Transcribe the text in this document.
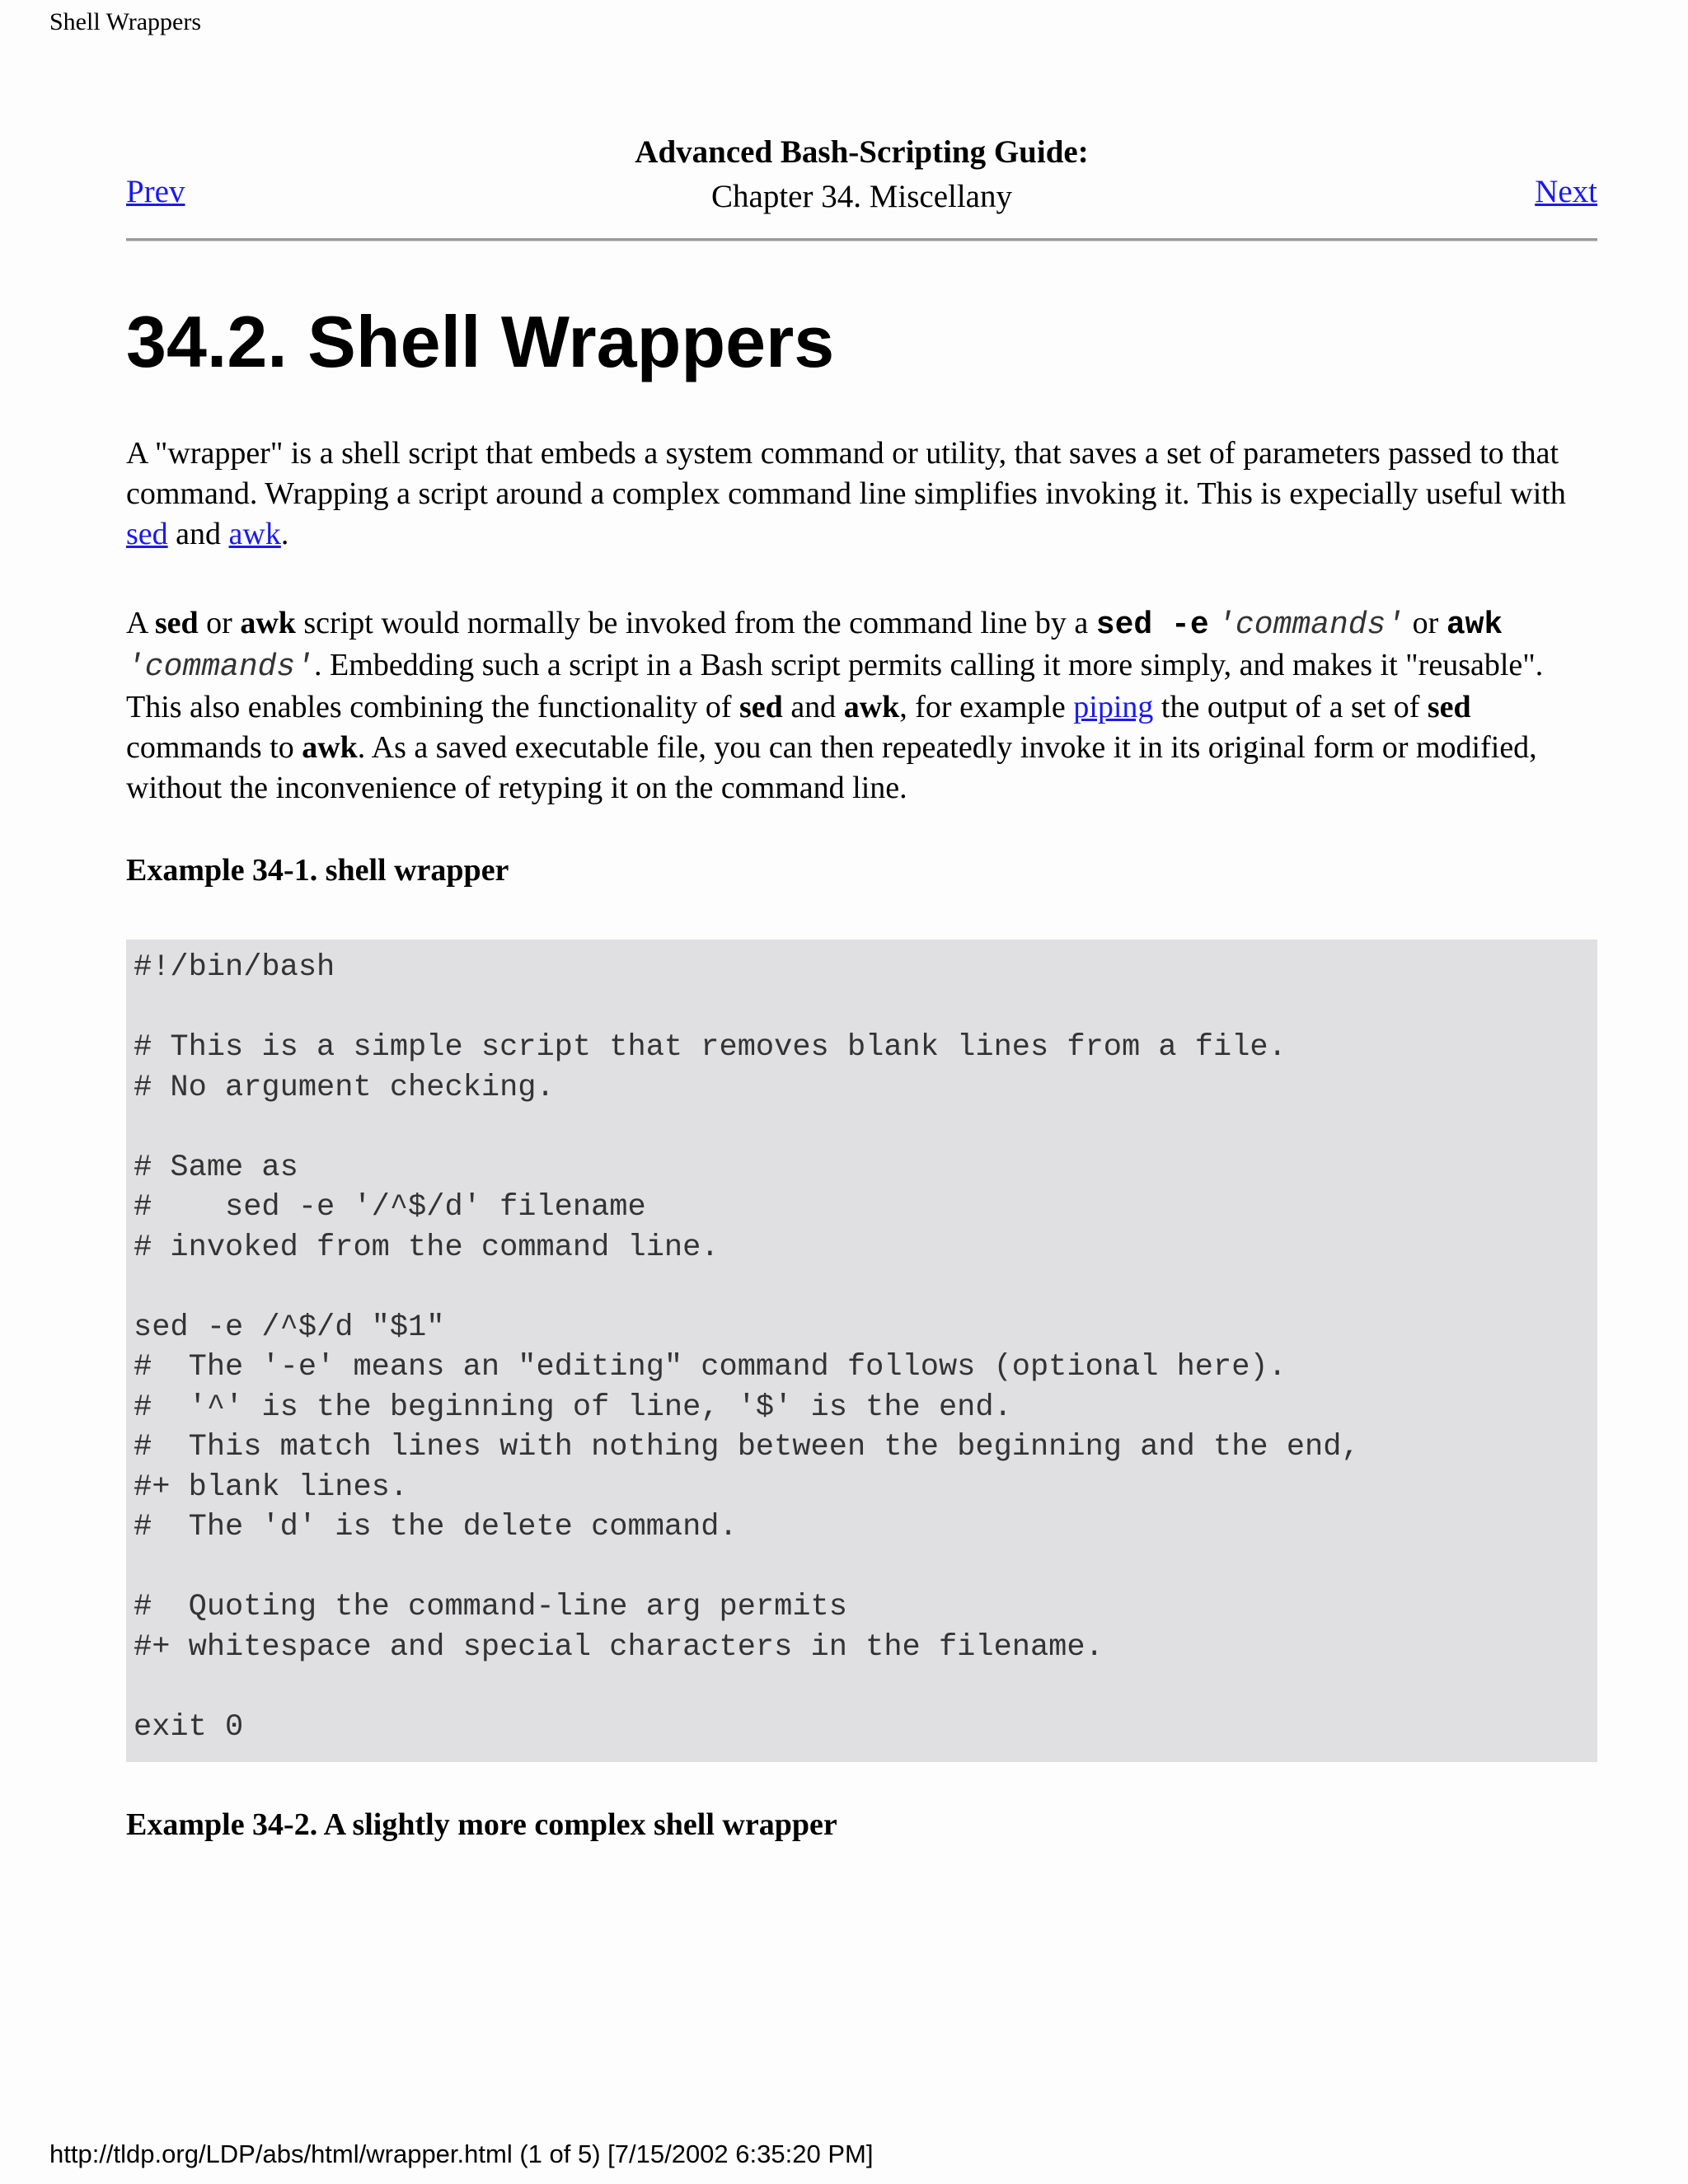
Shell Wrappers
Advanced Bash-Scripting Guide:
Chapter 34. Miscellany
Prev	Next
34.2. Shell Wrappers

A "wrapper" is a shell script that embeds a system command or utility, that saves a set of parameters passed to that command. Wrapping a script around a complex command line simplifies invoking it. This is expecially useful with sed and awk.

A sed or awk script would normally be invoked from the command line by a sed -e 'commands' or awk 'commands'. Embedding such a script in a Bash script permits calling it more simply, and makes it "reusable". This also enables combining the functionality of sed and awk, for example piping the output of a set of sed commands to awk. As a saved executable file, you can then repeatedly invoke it in its original form or modified, without the inconvenience of retyping it on the command line.

Example 34-1. shell wrapper

#!/bin/bash

# This is a simple script that removes blank lines from a file.
# No argument checking.

# Same as
#    sed -e '/^$/d' filename
# invoked from the command line.

sed -e /^$/d "$1"
#  The '-e' means an "editing" command follows (optional here).
#  '^' is the beginning of line, '$' is the end.
#  This match lines with nothing between the beginning and the end,
#+ blank lines.
#  The 'd' is the delete command.

#  Quoting the command-line arg permits
#+ whitespace and special characters in the filename.

exit 0

Example 34-2. A slightly more complex shell wrapper

http://tldp.org/LDP/abs/html/wrapper.html (1 of 5) [7/15/2002 6:35:20 PM]
